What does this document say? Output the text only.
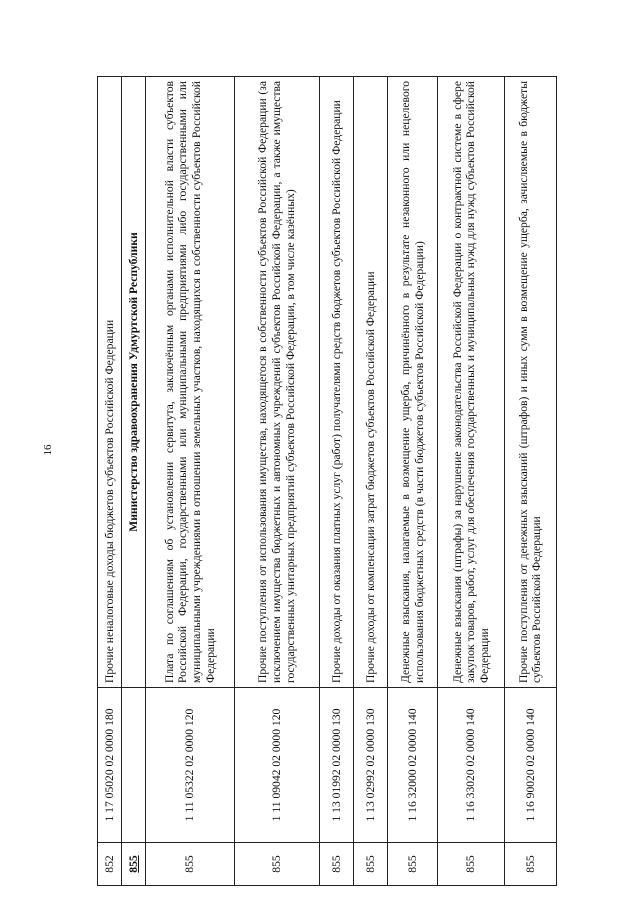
16
852	1 17 05020 02 0000 180	Прочие неналоговые доходы бюджетов субъектов Российской Федерации
855		Министерство здравоохранения Удмуртской Республики
855	1 11 05322 02 0000 120	Плата по соглашениям об установлении сервитута, заключённым органами исполнительной власти субъектов Российской Федерации, государственными или муниципальными предприятиями либо государственными или муниципальными учреждениями в отношении земельных участков, находящихся в собственности субъектов Российской Федерации
855	1 11 09042 02 0000 120	Прочие поступления от использования имущества, находящегося в собственности субъектов Российской Федерации (за исключением имущества бюджетных и автономных учреждений субъектов Российской Федерации, а также имущества государственных унитарных предприятий субъектов Российской Федерации, в том числе казённых)
855	1 13 01992 02 0000 130	Прочие доходы от оказания платных услуг (работ) получателями средств бюджетов субъектов Российской Федерации
855	1 13 02992 02 0000 130	Прочие доходы от компенсации затрат бюджетов субъектов Российской Федерации
855	1 16 32000 02 0000 140	Денежные взыскания, налагаемые в возмещение ущерба, причинённого в результате незаконного или нецелевого использования бюджетных средств (в части бюджетов субъектов Российской Федерации)
855	1 16 33020 02 0000 140	Денежные взыскания (штрафы) за нарушение законодательства Российской Федерации о контрактной системе в сфере закупок товаров, работ, услуг для обеспечения государственных и муниципальных нужд для нужд субъектов Российской Федерации
855	1 16 90020 02 0000 140	Прочие поступления от денежных взысканий (штрафов) и иных сумм в возмещение ущерба, зачисляемые в бюджеты субъектов Российской Федерации
